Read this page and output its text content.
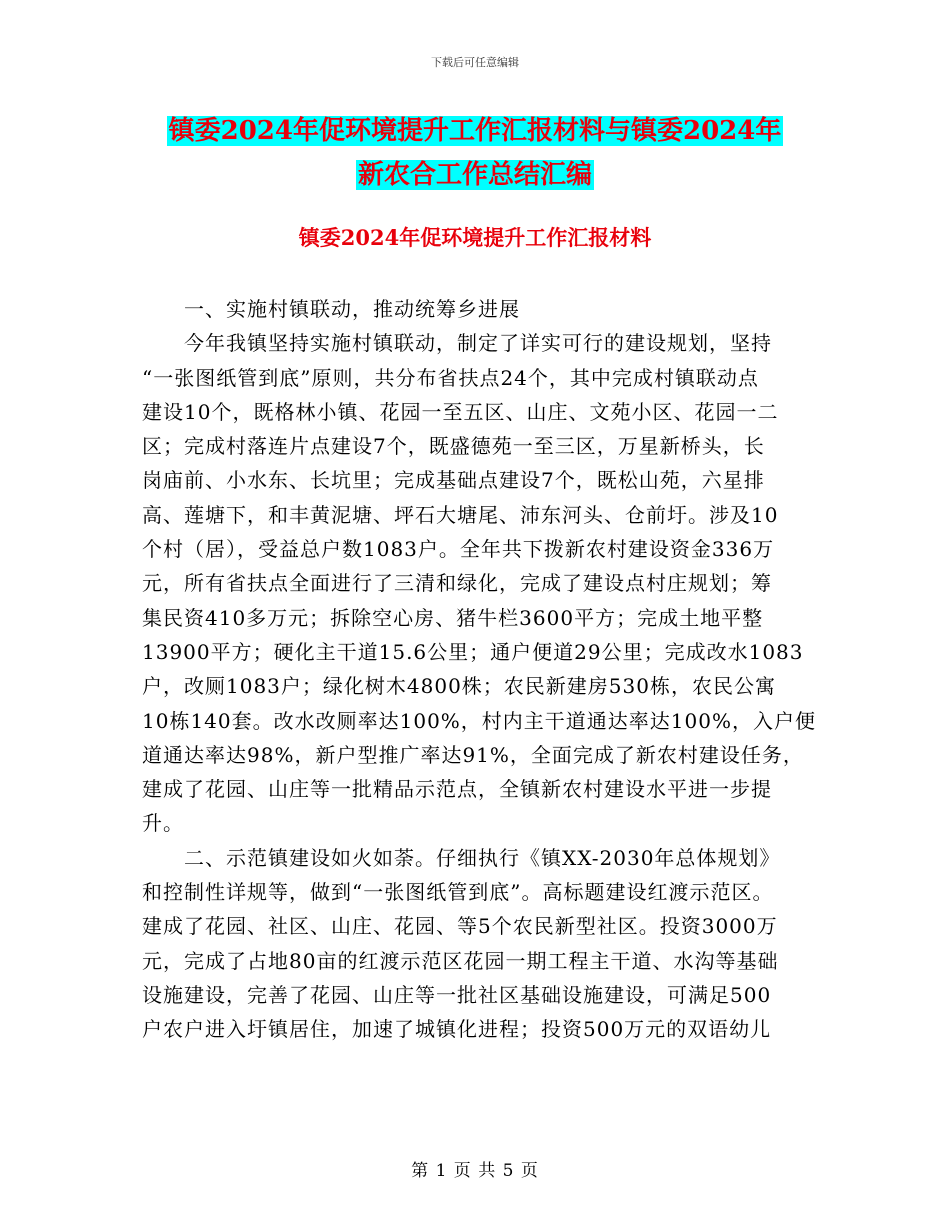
下载后可任意编辑
镇委2024年促环境提升工作汇报材料与镇委2024年
新农合工作总结汇编
镇委2024年促环境提升工作汇报材料
　　一、实施村镇联动，推动统筹乡进展
　　今年我镇坚持实施村镇联动，制定了详实可行的建设规划，坚持
“一张图纸管到底”原则，共分布省扶点24个，其中完成村镇联动点
建设10个，既格林小镇、花园一至五区、山庄、文苑小区、花园一二
区；完成村落连片点建设7个，既盛德苑一至三区，万星新桥头，长
岗庙前、小水东、长坑里；完成基础点建设7个，既松山苑，六星排
高、莲塘下，和丰黄泥塘、坪石大塘尾、沛东河头、仓前圩。涉及10
个村（居），受益总户数1083户。全年共下拨新农村建设资金336万
元，所有省扶点全面进行了三清和绿化，完成了建设点村庄规划；筹
集民资410多万元；拆除空心房、猪牛栏3600平方；完成土地平整
13900平方；硬化主干道15.6公里；通户便道29公里；完成改水1083
户，改厕1083户；绿化树木4800株；农民新建房530栋，农民公寓
10栋140套。改水改厕率达100%，村内主干道通达率达100%，入户便
道通达率达98%，新户型推广率达91%，全面完成了新农村建设任务，
建成了花园、山庄等一批精品示范点，全镇新农村建设水平进一步提
升。
　　二、示范镇建设如火如荼。仔细执行《镇XX-2030年总体规划》
和控制性详规等，做到“一张图纸管到底”。高标题建设红渡示范区。
建成了花园、社区、山庄、花园、等5个农民新型社区。投资3000万
元，完成了占地80亩的红渡示范区花园一期工程主干道、水沟等基础
设施建设，完善了花园、山庄等一批社区基础设施建设，可满足500
户农户进入圩镇居住，加速了城镇化进程；投资500万元的双语幼儿
第 1 页 共 5 页
